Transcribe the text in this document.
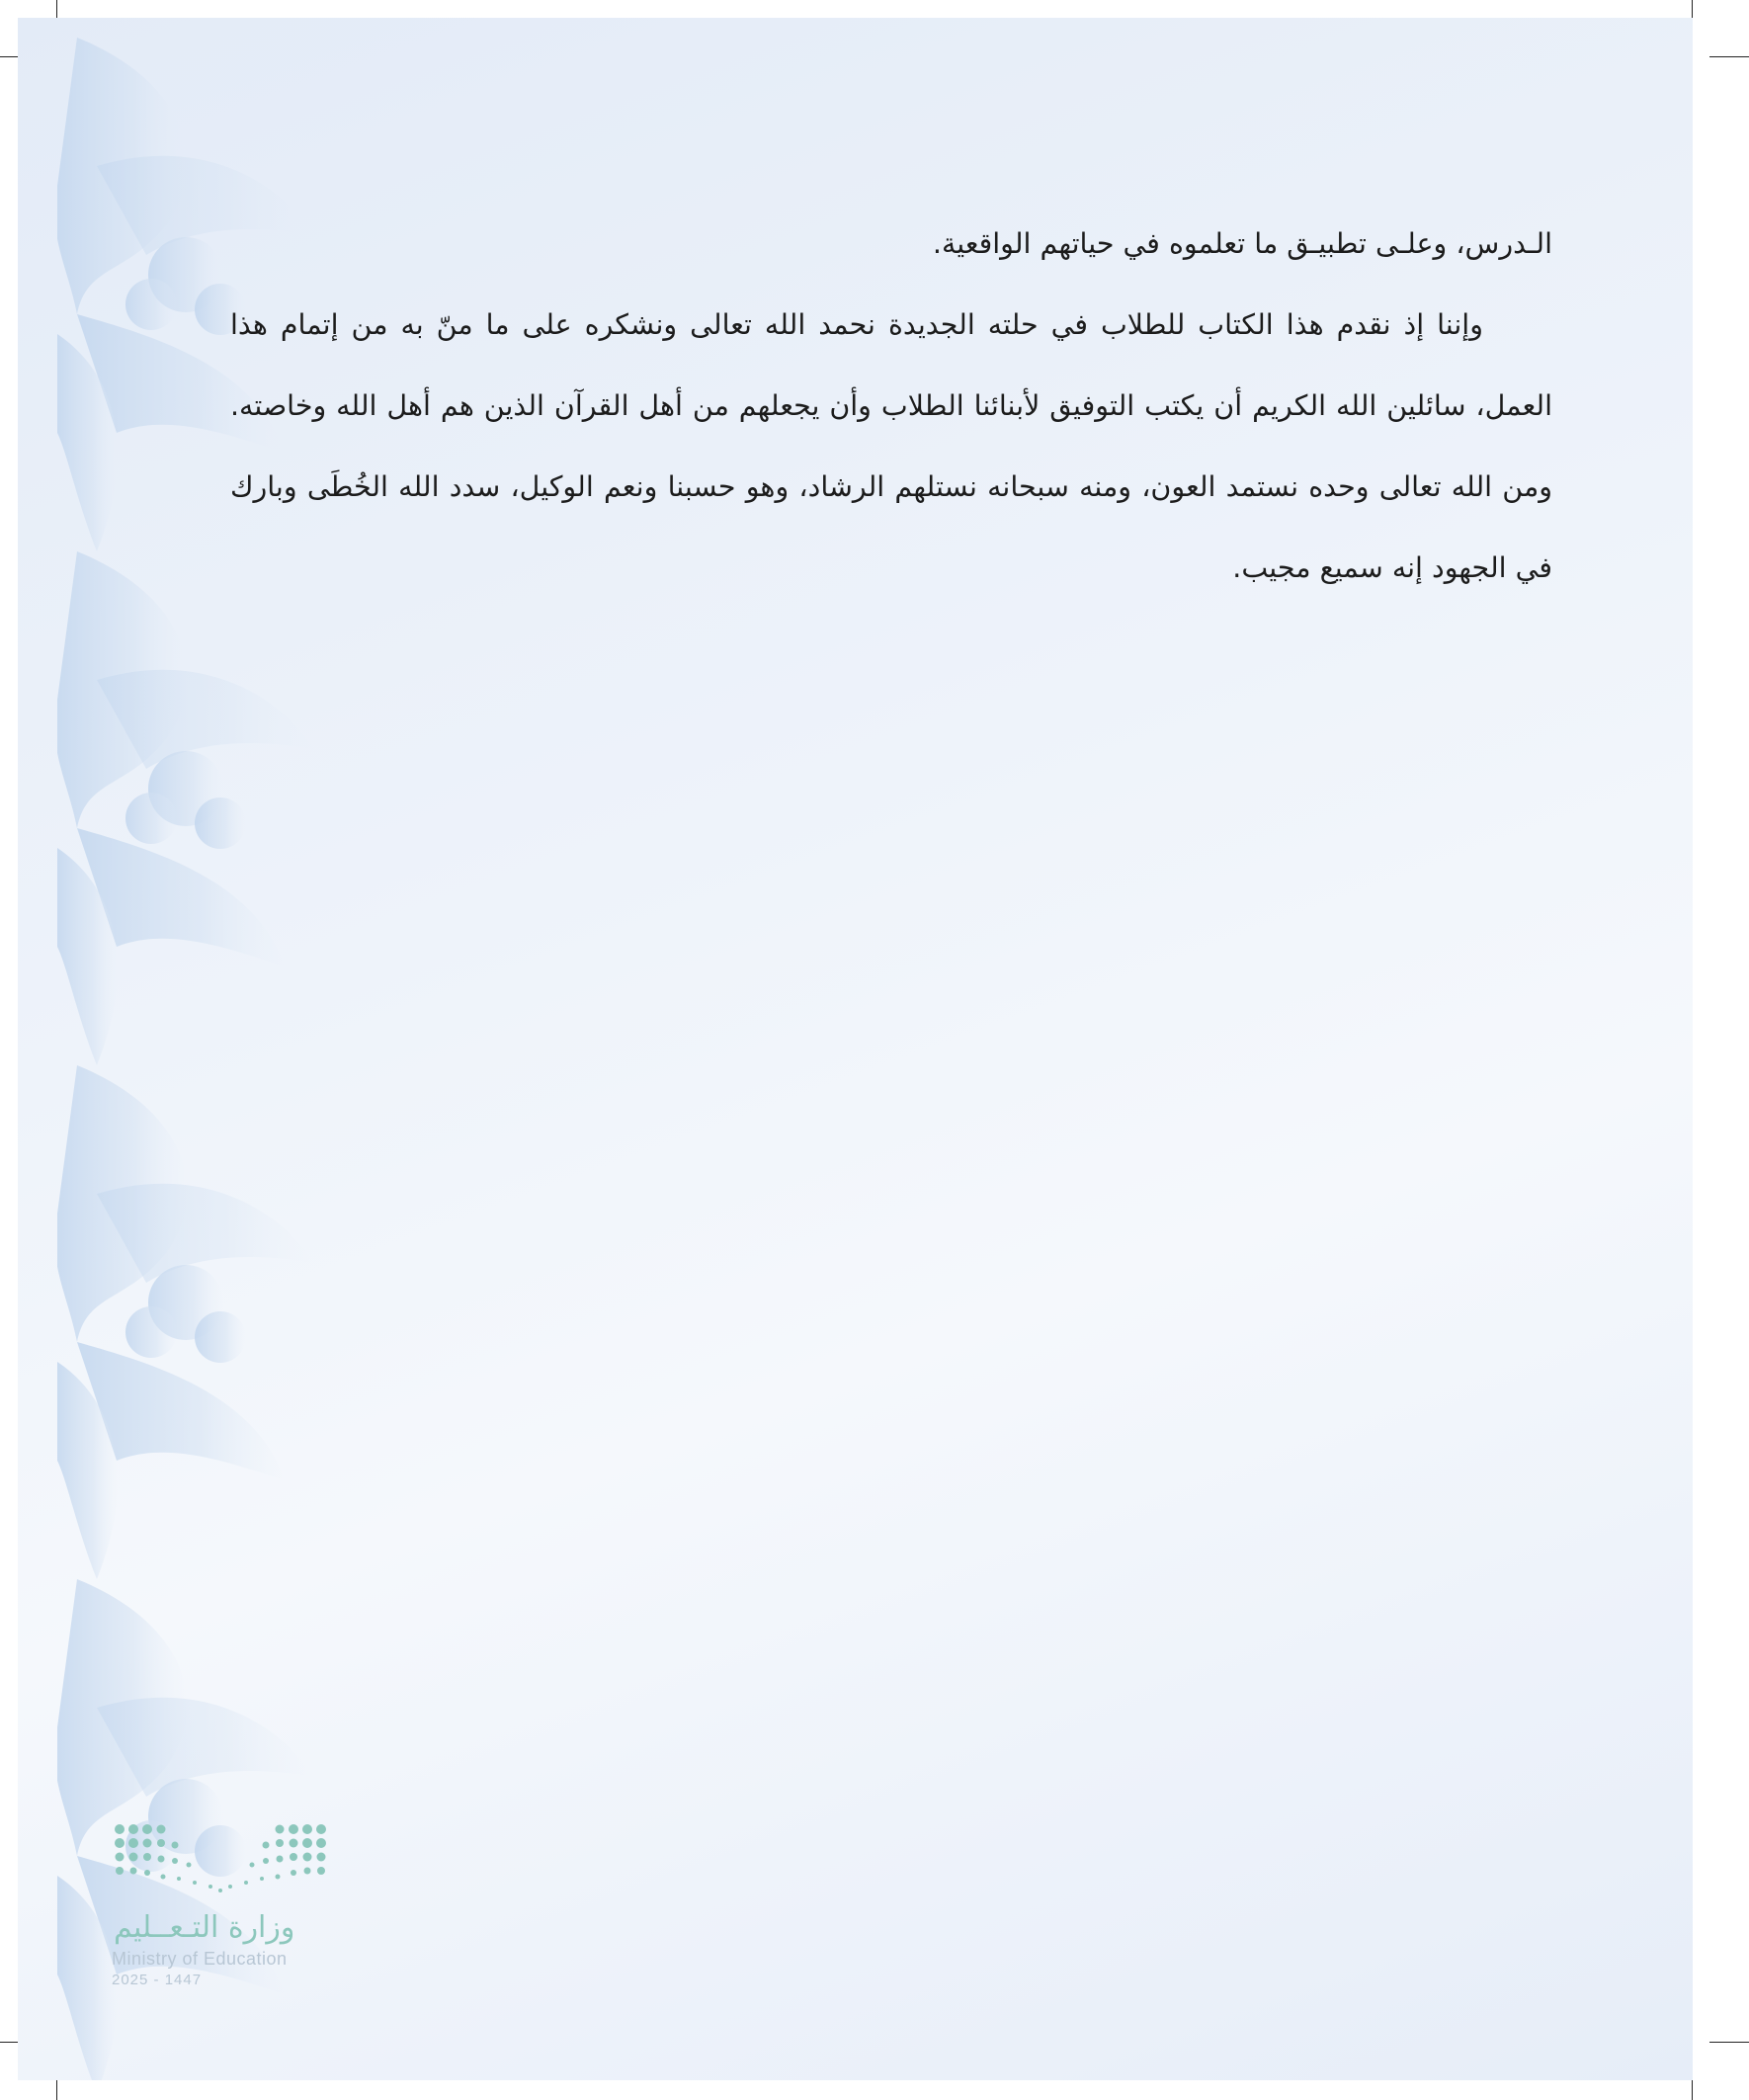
الـدرس، وعلـى تطبيـق ما تعلموه في حياتهم الواقعية.

وإننا إذ نقدم هذا الكتاب للطلاب في حلته الجديدة نحمد الله تعالى ونشكره على ما منّ به من إتمام هذا العمل، سائلين الله الكريم أن يكتب التوفيق لأبنائنا الطلاب وأن يجعلهم من أهل القرآن الذين هم أهل الله وخاصته. ومن الله تعالى وحده نستمد العون، ومنه سبحانه نستلهم الرشاد، وهو حسبنا ونعم الوكيل، سدد الله الخُطَى وبارك في الجهود إنه سميع مجيب.

وزارة التـعــليم
Ministry of Education
2025 - 1447
